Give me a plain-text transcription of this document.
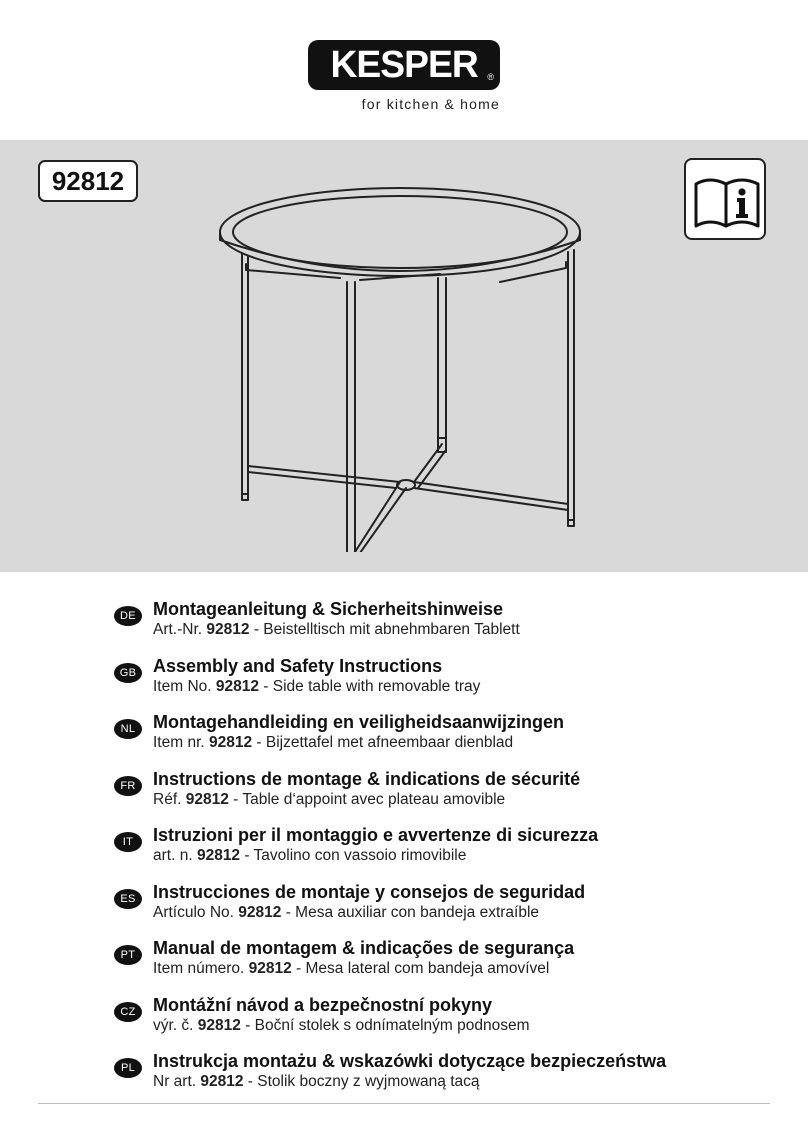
KESPER ®
for kitchen & home
92812
DE Montageanleitung & Sicherheitshinweise
Art.-Nr. 92812 - Beistelltisch mit abnehmbaren Tablett
GB Assembly and Safety Instructions
Item No. 92812 - Side table with removable tray
NL Montagehandleiding en veiligheidsaanwijzingen
Item nr. 92812 - Bijzettafel met afneembaar dienblad
FR Instructions de montage & indications de sécurité
Réf. 92812 - Table d‘appoint avec plateau amovible
IT	Istruzioni per il montaggio e avvertenze di sicurezza
art. n. 92812 - Tavolino con vassoio rimovibile
ES Instrucciones de montaje y consejos de seguridad
Artículo No. 92812 - Mesa auxiliar con bandeja extraíble
PT Manual de montagem & indicações de segurança
Item número. 92812 - Mesa lateral com bandeja amovível
CZ Montážní návod a bezpečnostní pokyny
výr. č. 92812 - Boční stolek s odnímatelným podnosem
PL Instrukcja montażu & wskazówki dotyczące bezpieczeństwa
Nr art. 92812 - Stolik boczny z wyjmowaną tacą
